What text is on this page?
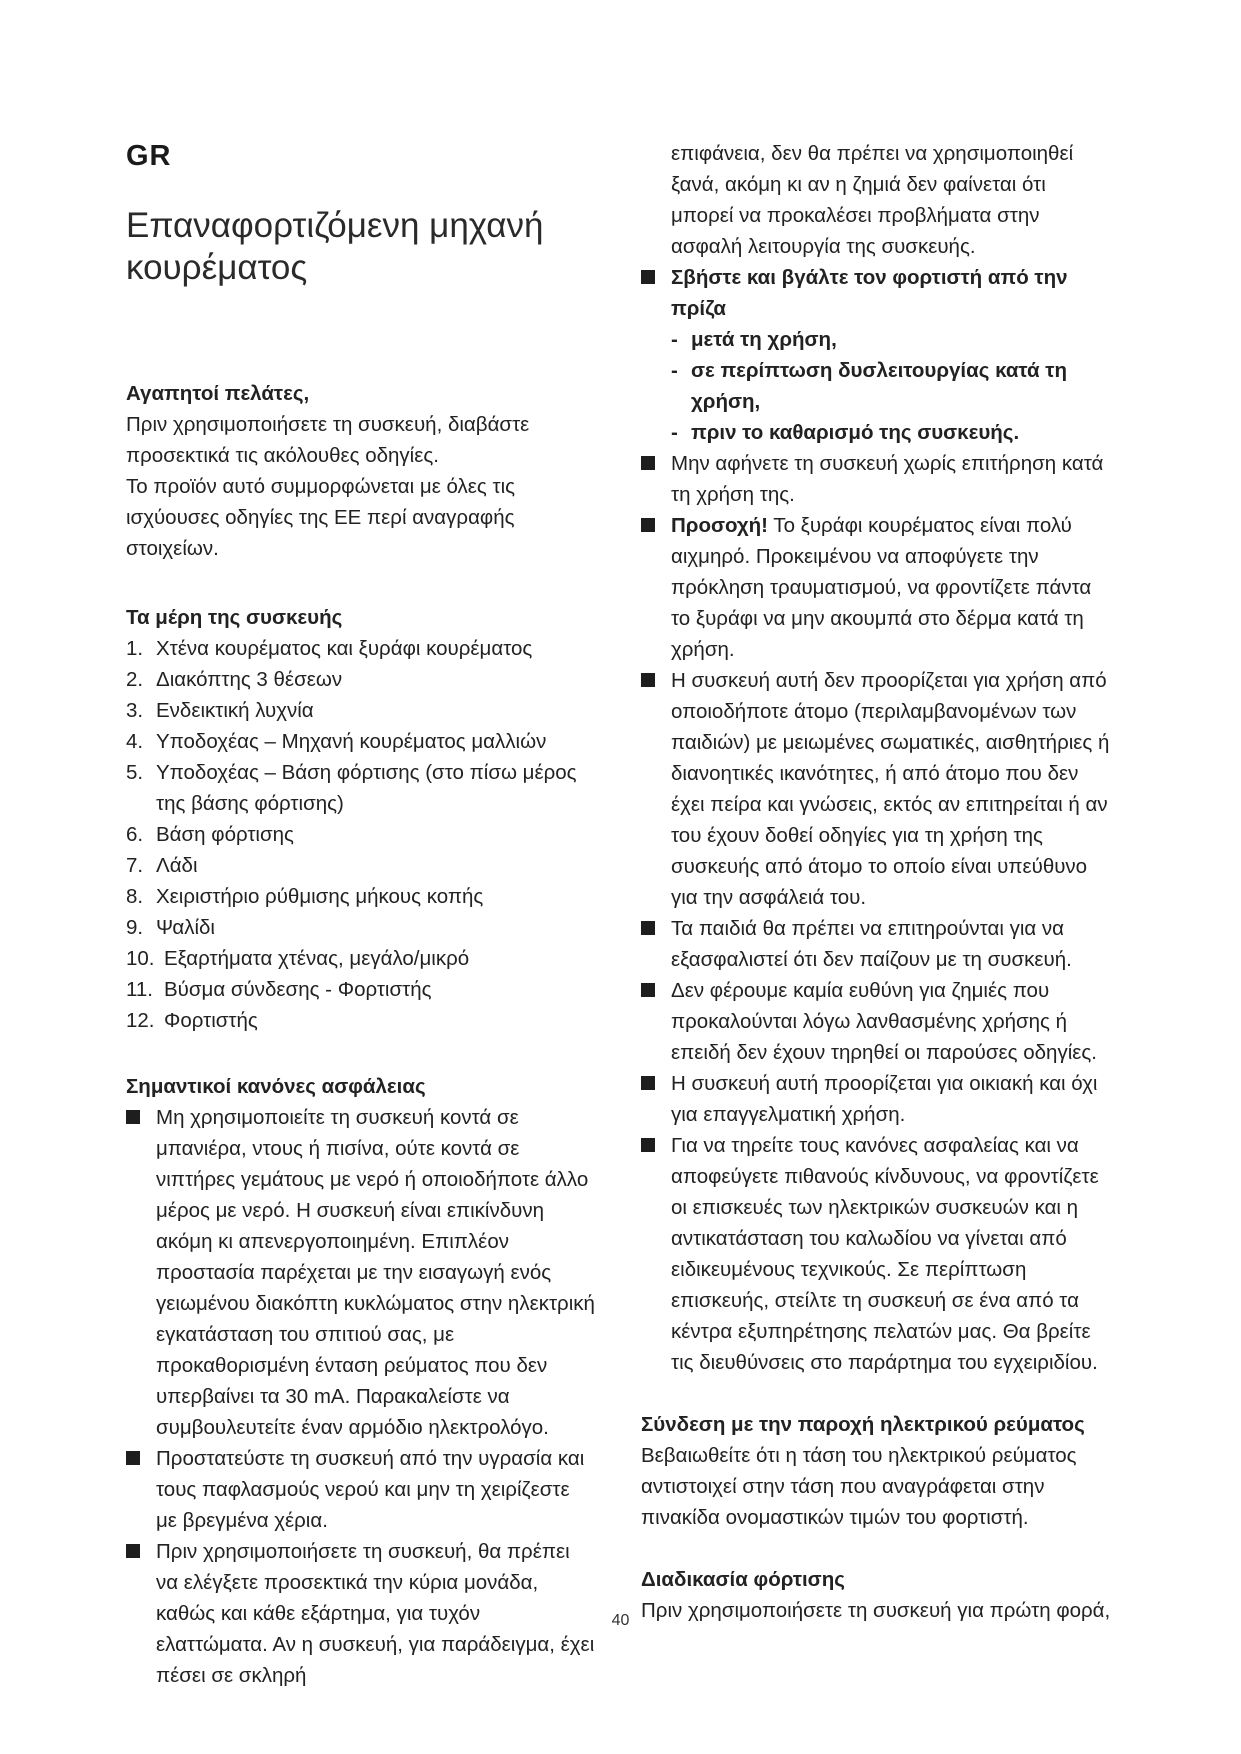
GR
Επαναφορτιζόμενη μηχανή κουρέματος

Αγαπητοί πελάτες,

Πριν χρησιμοποιήσετε τη συσκευή, διαβάστε προσεκτικά τις ακόλουθες οδηγίες.

Το προϊόν αυτό συμμορφώνεται με όλες τις ισχύουσες οδηγίες της ΕΕ περί αναγραφής στοιχείων.

Τα μέρη της συσκευής

1. Χτένα κουρέματος και ξυράφι κουρέματος
2. Διακόπτης 3 θέσεων
3. Ενδεικτική λυχνία
4. Υποδοχέας – Μηχανή κουρέματος μαλλιών
5. Υποδοχέας – Βάση φόρτισης (στο πίσω μέρος της βάσης φόρτισης)
6. Βάση φόρτισης
7. Λάδι
8. Χειριστήριο ρύθμισης μήκους κοπής
9. Ψαλίδι
10. Εξαρτήματα χτένας, μεγάλο/μικρό
11. Βύσμα σύνδεσης - Φορτιστής
12. Φορτιστής

Σημαντικοί κανόνες ασφάλειας

Μη χρησιμοποιείτε τη συσκευή κοντά σε μπανιέρα, ντους ή πισίνα, ούτε κοντά σε νιπτήρες γεμάτους με νερό ή οποιοδήποτε άλλο μέρος με νερό. Η συσκευή είναι επικίνδυνη ακόμη κι απενεργοποιημένη. Επιπλέον προστασία παρέχεται με την εισαγωγή ενός γειωμένου διακόπτη κυκλώματος στην ηλεκτρική εγκατάσταση του σπιτιού σας, με προκαθορισμένη ένταση ρεύματος που δεν υπερβαίνει τα 30 mA. Παρακαλείστε να συμβουλευτείτε έναν αρμόδιο ηλεκτρολόγο.
Προστατεύστε τη συσκευή από την υγρασία και τους παφλασμούς νερού και μην τη χειρίζεστε με βρεγμένα χέρια.
Πριν χρησιμοποιήσετε τη συσκευή, θα πρέπει να ελέγξετε προσεκτικά την κύρια μονάδα, καθώς και κάθε εξάρτημα, για τυχόν ελαττώματα. Αν η συσκευή, για παράδειγμα, έχει πέσει σε σκληρή
επιφάνεια, δεν θα πρέπει να χρησιμοποιηθεί ξανά, ακόμη κι αν η ζημιά δεν φαίνεται ότι μπορεί να προκαλέσει προβλήματα στην ασφαλή λειτουργία της συσκευής.
Σβήστε και βγάλτε τον φορτιστή από την πρίζα
- μετά τη χρήση,
- σε περίπτωση δυσλειτουργίας κατά τη χρήση,
- πριν το καθαρισμό της συσκευής.
Μην αφήνετε τη συσκευή χωρίς επιτήρηση κατά τη χρήση της.
Προσοχή! Το ξυράφι κουρέματος είναι πολύ αιχμηρό. Προκειμένου να αποφύγετε την πρόκληση τραυματισμού, να φροντίζετε πάντα το ξυράφι να μην ακουμπά στο δέρμα κατά τη χρήση.
Η συσκευή αυτή δεν προορίζεται για χρήση από οποιοδήποτε άτομο (περιλαμβανομένων των παιδιών) με μειωμένες σωματικές, αισθητήριες ή διανοητικές ικανότητες, ή από άτομο που δεν έχει πείρα και γνώσεις, εκτός αν επιτηρείται ή αν του έχουν δοθεί οδηγίες για τη χρήση της συσκευής από άτομο το οποίο είναι υπεύθυνο για την ασφάλειά του.
Τα παιδιά θα πρέπει να επιτηρούνται για να εξασφαλιστεί ότι δεν παίζουν με τη συσκευή.
Δεν φέρουμε καμία ευθύνη για ζημιές που προκαλούνται λόγω λανθασμένης χρήσης ή επειδή δεν έχουν τηρηθεί οι παρούσες οδηγίες.
Η συσκευή αυτή προορίζεται για οικιακή και όχι για επαγγελματική χρήση.
Για να τηρείτε τους κανόνες ασφαλείας και να αποφεύγετε πιθανούς κίνδυνους, να φροντίζετε οι επισκευές των ηλεκτρικών συσκευών και η αντικατάσταση του καλωδίου να γίνεται από ειδικευμένους τεχνικούς. Σε περίπτωση επισκευής, στείλτε τη συσκευή σε ένα από τα κέντρα εξυπηρέτησης πελατών μας. Θα βρείτε τις διευθύνσεις στο παράρτημα του εγχειριδίου.

Σύνδεση με την παροχή ηλεκτρικού ρεύματος

Βεβαιωθείτε ότι η τάση του ηλεκτρικού ρεύματος αντιστοιχεί στην τάση που αναγράφεται στην πινακίδα ονομαστικών τιμών του φορτιστή.

Διαδικασία φόρτισης

Πριν χρησιμοποιήσετε τη συσκευή για πρώτη φορά,

40
